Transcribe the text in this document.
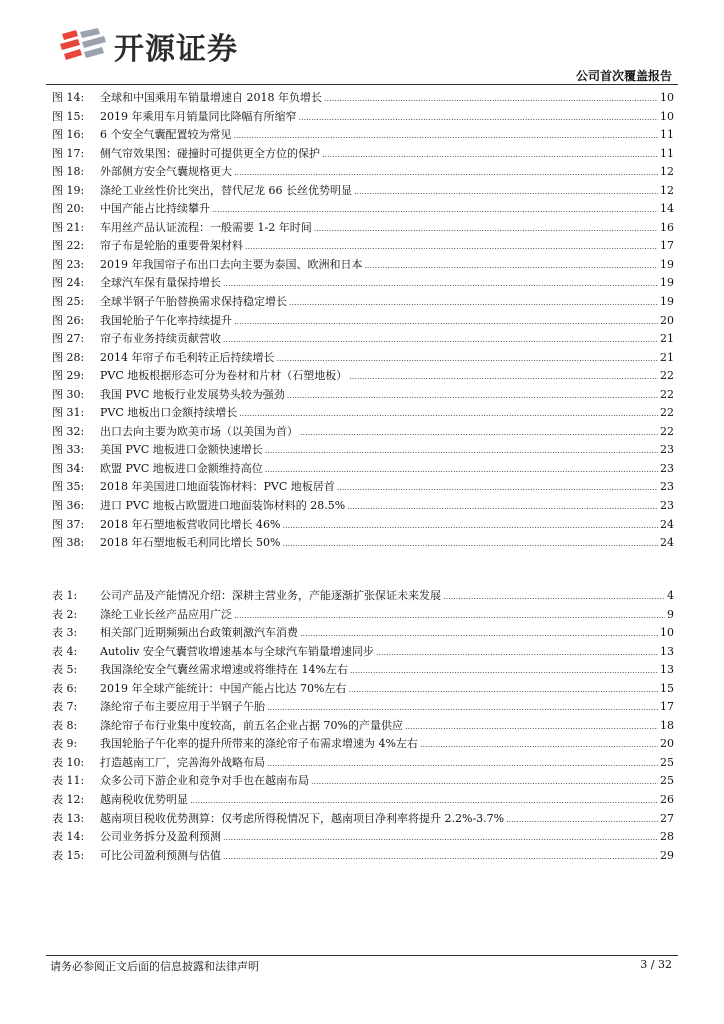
开源证券
公司首次覆盖报告
图 14:	全球和中国乘用车销量增速自 2018 年负增长 .....	10
图 15:	2019 年乘用车月销量同比降幅有所缩窄 .....	10
图 16:	6 个安全气囊配置较为常见 .....	11
图 17:	侧气帘效果图：碰撞时可提供更全方位的保护 .....	11
图 18:	外部侧方安全气囊规格更大 .....	12
图 19:	涤纶工业丝性价比突出，替代尼龙 66 长丝优势明显 .....	12
图 20:	中国产能占比持续攀升 .....	14
图 21:	车用丝产品认证流程：一般需要 1-2 年时间 .....	16
图 22:	帘子布是轮胎的重要骨架材料 .....	17
图 23:	2019 年我国帘子布出口去向主要为泰国、欧洲和日本 .....	19
图 24:	全球汽车保有量保持增长 .....	19
图 25:	全球半钢子午胎替换需求保持稳定增长 .....	19
图 26:	我国轮胎子午化率持续提升 .....	20
图 27:	帘子布业务持续贡献营收 .....	21
图 28:	2014 年帘子布毛利转正后持续增长 .....	21
图 29:	PVC 地板根据形态可分为卷材和片材（石塑地板） .....	22
图 30:	我国 PVC 地板行业发展势头较为强劲 .....	22
图 31:	PVC 地板出口金额持续增长 .....	22
图 32:	出口去向主要为欧美市场（以美国为首） .....	22
图 33:	美国 PVC 地板进口金额快速增长 .....	23
图 34:	欧盟 PVC 地板进口金额维持高位 .....	23
图 35:	2018 年美国进口地面装饰材料：PVC 地板居首 .....	23
图 36:	进口 PVC 地板占欧盟进口地面装饰材料的 28.5% .....	23
图 37:	2018 年石塑地板营收同比增长 46% .....	24
图 38:	2018 年石塑地板毛利同比增长 50% .....	24
表 1:	公司产品及产能情况介绍：深耕主营业务，产能逐渐扩张保证未来发展 .....	4
表 2:	涤纶工业长丝产品应用广泛 .....	9
表 3:	相关部门近期频频出台政策刺激汽车消费 .....	10
表 4:	Autoliv 安全气囊营收增速基本与全球汽车销量增速同步 .....	13
表 5:	我国涤纶安全气囊丝需求增速或将维持在 14%左右 .....	13
表 6:	2019 年全球产能统计：中国产能占比达 70%左右 .....	15
表 7:	涤纶帘子布主要应用于半钢子午胎 .....	17
表 8:	涤纶帘子布行业集中度较高，前五名企业占据 70%的产量供应 .....	18
表 9:	我国轮胎子午化率的提升所带来的涤纶帘子布需求增速为 4%左右 .....	20
表 10:	打造越南工厂，完善海外战略布局 .....	25
表 11:	众多公司下游企业和竞争对手也在越南布局 .....	25
表 12:	越南税收优势明显 .....	26
表 13:	越南项目税收优势测算：仅考虑所得税情况下，越南项目净利率将提升 2.2%-3.7% .....	27
表 14:	公司业务拆分及盈利预测 .....	28
表 15:	可比公司盈利预测与估值 .....	29
请务必参阅正文后面的信息披露和法律声明	3 / 32
